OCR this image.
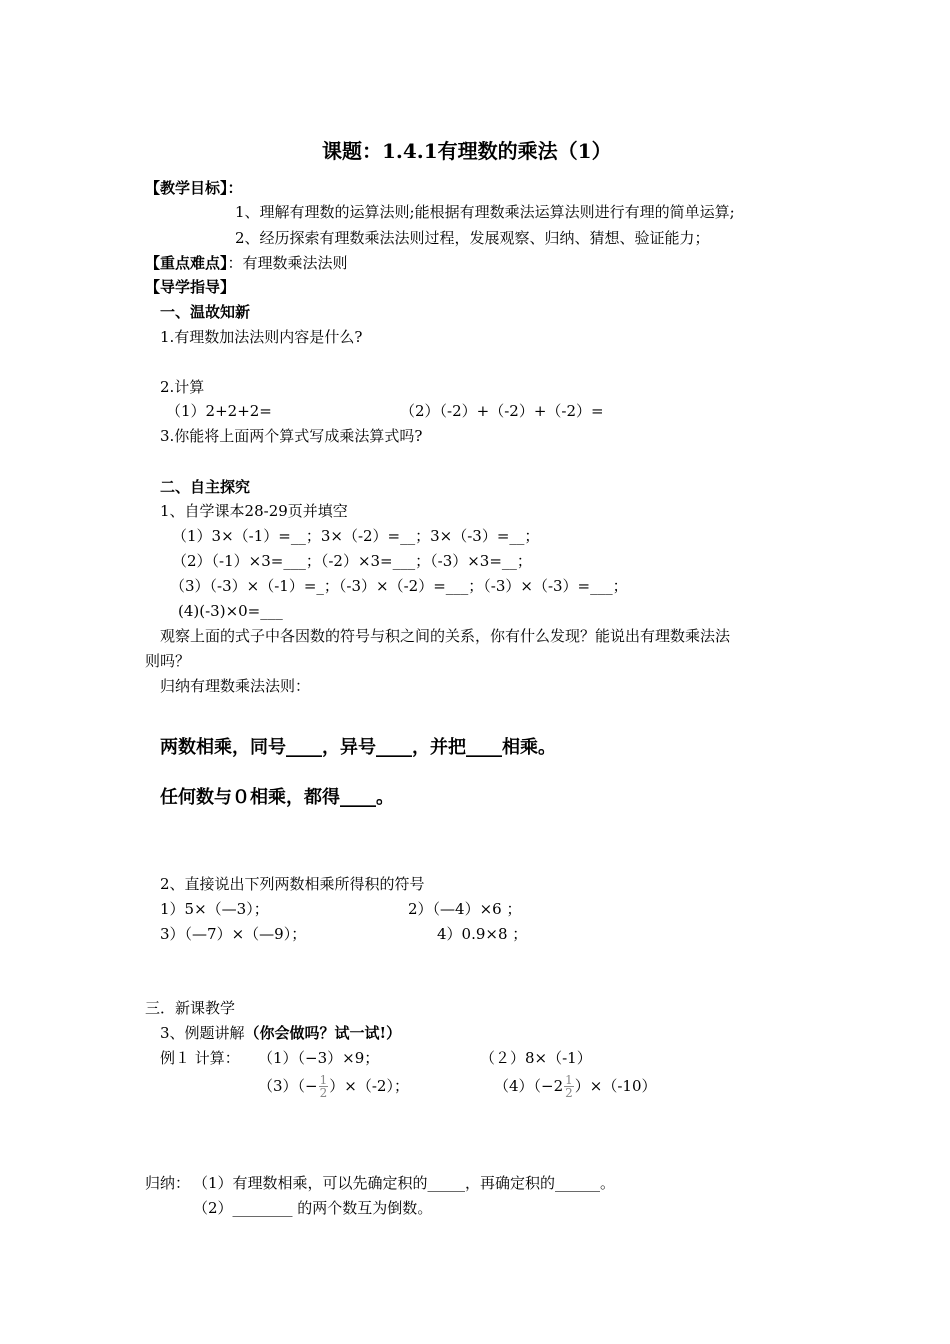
课题：1.4.1有理数的乘法（1）
【教学目标】：
1、理解有理数的运算法则;能根据有理数乘法运算法则进行有理的简单运算;
2、经历探索有理数乘法法则过程，发展观察、归纳、猜想、验证能力；
【重点难点】：有理数乘法法则
【导学指导】
一、温故知新
1.有理数加法法则内容是什么?
2.计算
（1）2+2+2=	（2）（-2）+（-2）+（-2）=
3.你能将上面两个算式写成乘法算式吗?
二、自主探究
1、自学课本28-29页并填空
（1）3×（-1）=__；3×（-2）=__；3×（-3）=__；
（2）（-1）×3=___；（-2）×3=___；（-3）×3=__；
（3）（-3）×（-1）=_；（-3）×（-2）=___；（-3）×（-3）=___；
(4)(-3)×0=___
观察上面的式子中各因数的符号与积之间的关系，你有什么发现？能说出有理数乘法法
则吗？
归纳有理数乘法法则：
两数相乘，同号____，异号____，并把____相乘。
任何数与０相乘，都得____。
2、直接说出下列两数相乘所得积的符号
1）5×（—3）；	2）（—4）×6 ；
3）（—7）×（—9）；	4）0.9×8 ；
三．新课教学
3、例题讲解（你会做吗？试一试!）
例１ 计算： （1）（−3）×9；	（２）8×（-1）
$(3)(- \frac{1}{2} )\times(-2)$；	$(4)(-2 \frac{1}{2} )\times(-10)$
归纳： （1）有理数相乘，可以先确定积的_____，再确定积的______。
（2）________ 的两个数互为倒数。
